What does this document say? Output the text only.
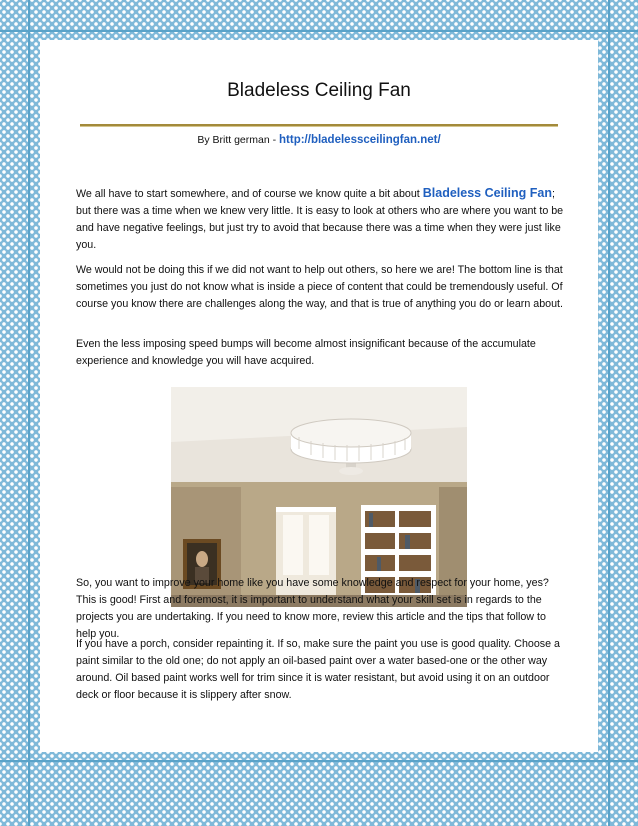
Bladeless Ceiling Fan
By Britt german - http://bladelessceilingfan.net/

We all have to start somewhere, and of course we know quite a bit about Bladeless Ceiling Fan; but there was a time when we knew very little. It is easy to look at others who are where you want to be and have negative feelings, but just try to avoid that because there was a time when they were just like you.

We would not be doing this if we did not want to help out others, so here we are! The bottom line is that sometimes you just do not know what is inside a piece of content that could be tremendously useful. Of course you know there are challenges along the way, and that is true of anything you do or learn about.

Even the less imposing speed bumps will become almost insignificant because of the accumulate experience and knowledge you will have acquired.

So, you want to improve your home like you have some knowledge and respect for your home, yes? This is good! First and foremost, it is important to understand what your skill set is in regards to the projects you are undertaking. If you need to know more, review this article and the tips that follow to help you.

If you have a porch, consider repainting it. If so, make sure the paint you use is good quality. Choose a paint similar to the old one; do not apply an oil-based paint over a water based-one or the other way around. Oil based paint works well for trim since it is water resistant, but avoid using it on an outdoor deck or floor because it is slippery after snow.
